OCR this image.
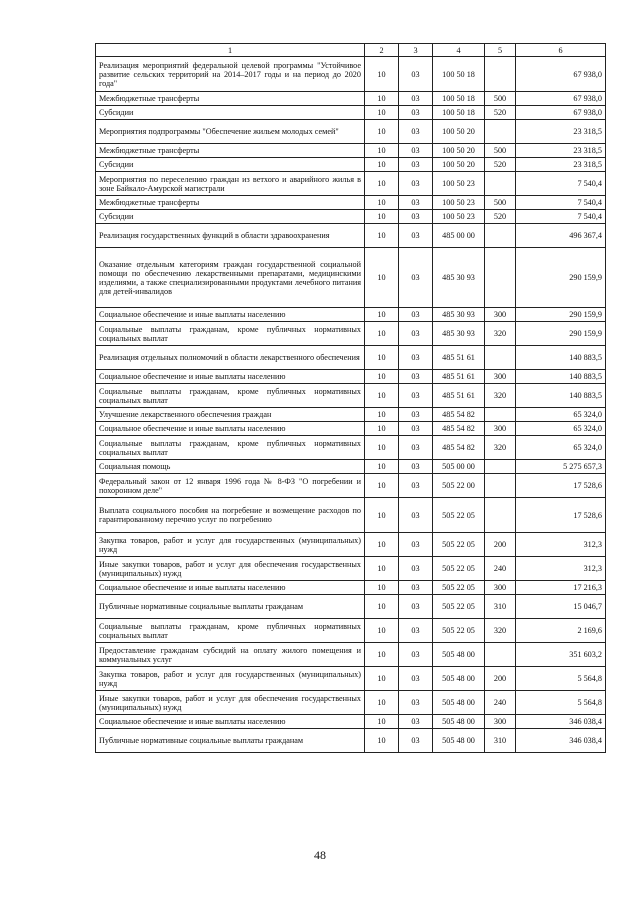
1	2	3	4	5	6
Реализация мероприятий федеральной целевой программы "Устойчивое развитие сельских территорий на 2014–2017 годы и на период до 2020 года"	10	03	100 50 18		67 938,0
Межбюджетные трансферты	10	03	100 50 18	500	67 938,0
Субсидии	10	03	100 50 18	520	67 938,0
Мероприятия подпрограммы "Обеспечение жильем молодых семей"	10	03	100 50 20		23 318,5
Межбюджетные трансферты	10	03	100 50 20	500	23 318,5
Субсидии	10	03	100 50 20	520	23 318,5
Мероприятия по переселению граждан из ветхого и аварийного жилья в зоне Байкало-Амурской магистрали	10	03	100 50 23		7 540,4
Межбюджетные трансферты	10	03	100 50 23	500	7 540,4
Субсидии	10	03	100 50 23	520	7 540,4
Реализация государственных функций в области здравоохранения	10	03	485 00 00		496 367,4
Оказание отдельным категориям граждан государственной социальной помощи по обеспечению лекарственными препаратами, медицинскими изделиями, а также специализированными продуктами лечебного питания для детей-инвалидов	10	03	485 30 93		290 159,9
Социальное обеспечение и иные выплаты населению	10	03	485 30 93	300	290 159,9
Социальные выплаты гражданам, кроме публичных нормативных социальных выплат	10	03	485 30 93	320	290 159,9
Реализация отдельных полномочий в области лекарственного обеспечения	10	03	485 51 61		140 883,5
Социальное обеспечение и иные выплаты населению	10	03	485 51 61	300	140 883,5
Социальные выплаты гражданам, кроме публичных нормативных социальных выплат	10	03	485 51 61	320	140 883,5
Улучшение лекарственного обеспечения граждан	10	03	485 54 82		65 324,0
Социальное обеспечение и иные выплаты населению	10	03	485 54 82	300	65 324,0
Социальные выплаты гражданам, кроме публичных нормативных социальных выплат	10	03	485 54 82	320	65 324,0
Социальная помощь	10	03	505 00 00		5 275 657,3
Федеральный закон от 12 января 1996 года № 8-ФЗ "О погребении и похоронном деле"	10	03	505 22 00		17 528,6
Выплата социального пособия на погребение и возмещение расходов по гарантированному перечню услуг по погребению	10	03	505 22 05		17 528,6
Закупка товаров, работ и услуг для государственных (муниципальных) нужд	10	03	505 22 05	200	312,3
Иные закупки товаров, работ и услуг для обеспечения государственных (муниципальных) нужд	10	03	505 22 05	240	312,3
Социальное обеспечение и иные выплаты населению	10	03	505 22 05	300	17 216,3
Публичные нормативные социальные выплаты гражданам	10	03	505 22 05	310	15 046,7
Социальные выплаты гражданам, кроме публичных нормативных социальных выплат	10	03	505 22 05	320	2 169,6
Предоставление гражданам субсидий на оплату жилого помещения и коммунальных услуг	10	03	505 48 00		351 603,2
Закупка товаров, работ и услуг для государственных (муниципальных) нужд	10	03	505 48 00	200	5 564,8
Иные закупки товаров, работ и услуг для обеспечения государственных (муниципальных) нужд	10	03	505 48 00	240	5 564,8
Социальное обеспечение и иные выплаты населению	10	03	505 48 00	300	346 038,4
Публичные нормативные социальные выплаты гражданам	10	03	505 48 00	310	346 038,4
48
